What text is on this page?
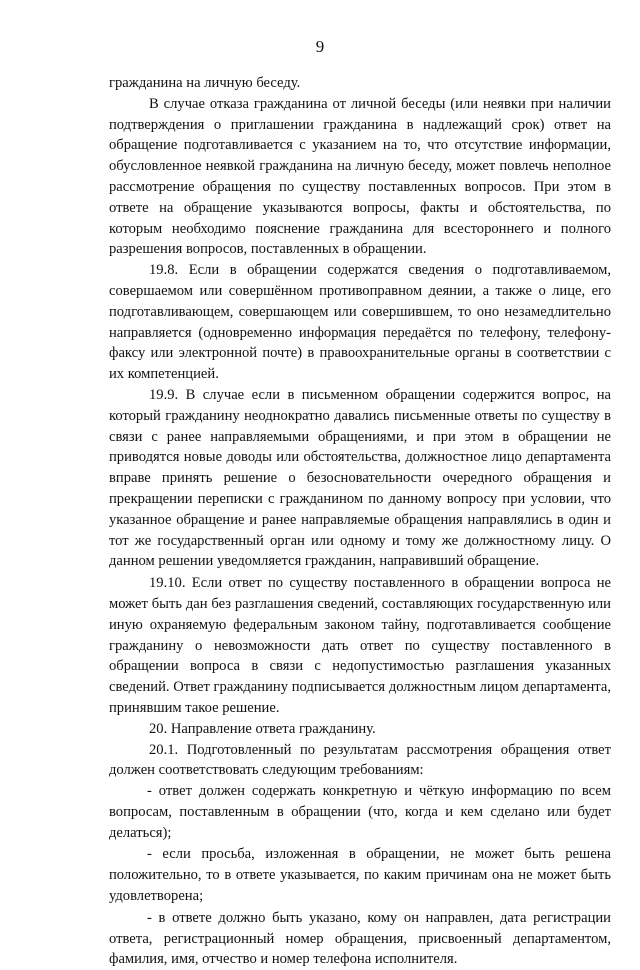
9

гражданина на личную беседу.

В случае отказа гражданина от личной беседы (или неявки при наличии подтверждения о приглашении гражданина в надлежащий срок) ответ на обращение подготавливается с указанием на то, что отсутствие информации, обусловленное неявкой гражданина на личную беседу, может повлечь неполное рассмотрение обращения по существу поставленных вопросов. При этом в ответе на обращение указываются вопросы, факты и обстоятельства, по которым необходимо пояснение гражданина для всестороннего и полного разрешения вопросов, поставленных в обращении.

19.8. Если в обращении содержатся сведения о подготавливаемом, совершаемом или совершённом противоправном деянии, а также о лице, его подготавливающем, совершающем или совершившем, то оно незамедлительно направляется (одновременно информация передаётся по телефону, телефону-факсу или электронной почте) в правоохранительные органы в соответствии с их компетенцией.

19.9. В случае если в письменном обращении содержится вопрос, на который гражданину неоднократно давались письменные ответы по существу в связи с ранее направляемыми обращениями, и при этом в обращении не приводятся новые доводы или обстоятельства, должностное лицо департамента вправе принять решение о безосновательности очередного обращения и прекращении переписки с гражданином по данному вопросу при условии, что указанное обращение и ранее направляемые обращения направлялись в один и тот же государственный орган или одному и тому же должностному лицу. О данном решении уведомляется гражданин, направивший обращение.

19.10. Если ответ по существу поставленного в обращении вопроса не может быть дан без разглашения сведений, составляющих государственную или иную охраняемую федеральным законом тайну, подготавливается сообщение гражданину о невозможности дать ответ по существу поставленного в обращении вопроса в связи с недопустимостью разглашения указанных сведений. Ответ гражданину подписывается должностным лицом департамента, принявшим такое решение.

20. Направление ответа гражданину.

20.1. Подготовленный по результатам рассмотрения обращения ответ должен соответствовать следующим требованиям:

- ответ должен содержать конкретную и чёткую информацию по всем вопросам, поставленным в обращении (что, когда и кем сделано или будет делаться);

- если просьба, изложенная в обращении, не может быть решена положительно, то в ответе указывается, по каким причинам она не может быть удовлетворена;

- в ответе должно быть указано, кому он направлен, дата регистрации ответа, регистрационный номер обращения, присвоенный департаментом, фамилия, имя, отчество и номер телефона исполнителя.
